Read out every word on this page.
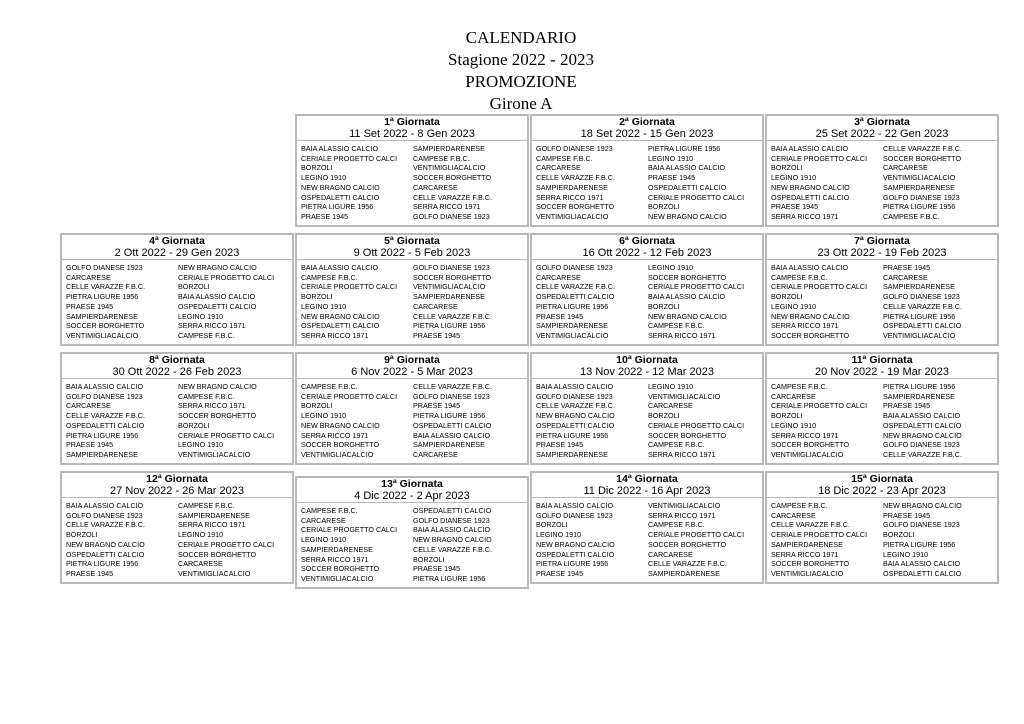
CALENDARIO
Stagione 2022 - 2023
PROMOZIONE
Girone A
1ª Giornata
11 Set 2022 - 8 Gen 2023
BAIA ALASSIO CALCIO	SAMPIERDARENESE
CERIALE PROGETTO CALCI	CAMPESE F.B.C.
BORZOLI	VENTIMIGLIACALCIO
LEGINO 1910	SOCCER BORGHETTO
NEW BRAGNO CALCIO	CARCARESE
OSPEDALETTI CALCIO	CELLE VARAZZE F.B.C.
PIETRA LIGURE 1956	SERRA RICCO 1971
PRAESE 1945	GOLFO DIANESE 1923
2ª Giornata
18 Set 2022 - 15 Gen 2023
GOLFO DIANESE 1923	PIETRA LIGURE 1956
CAMPESE F.B.C.	LEGINO 1910
CARCARESE	BAIA ALASSIO CALCIO
CELLE VARAZZE F.B.C.	PRAESE 1945
SAMPIERDARENESE	OSPEDALETTI CALCIO
SERRA RICCO 1971	CERIALE PROGETTO CALCI
SOCCER BORGHETTO	BORZOLI
VENTIMIGLIACALCIO	NEW BRAGNO CALCIO
3ª Giornata
25 Set 2022 - 22 Gen 2023
BAIA ALASSIO CALCIO	CELLE VARAZZE F.B.C.
CERIALE PROGETTO CALCI	SOCCER BORGHETTO
BORZOLI	CARCARESE
LEGINO 1910	VENTIMIGLIACALCIO
NEW BRAGNO CALCIO	SAMPIERDARENESE
OSPEDALETTI CALCIO	GOLFO DIANESE 1923
PRAESE 1945	PIETRA LIGURE 1956
SERRA RICCO 1971	CAMPESE F.B.C.
4ª Giornata
2 Ott 2022 - 29 Gen 2023
GOLFO DIANESE 1923	NEW BRAGNO CALCIO
CARCARESE	CERIALE PROGETTO CALCI
CELLE VARAZZE F.B.C.	BORZOLI
PIETRA LIGURE 1956	BAIA ALASSIO CALCIO
PRAESE 1945	OSPEDALETTI CALCIO
SAMPIERDARENESE	LEGINO 1910
SOCCER BORGHETTO	SERRA RICCO 1971
VENTIMIGLIACALCIO	CAMPESE F.B.C.
5ª Giornata
9 Ott 2022 - 5 Feb 2023
BAIA ALASSIO CALCIO	GOLFO DIANESE 1923
CAMPESE F.B.C.	SOCCER BORGHETTO
CERIALE PROGETTO CALCI	VENTIMIGLIACALCIO
BORZOLI	SAMPIERDARENESE
LEGINO 1910	CARCARESE
NEW BRAGNO CALCIO	CELLE VARAZZE F.B.C.
OSPEDALETTI CALCIO	PIETRA LIGURE 1956
SERRA RICCO 1971	PRAESE 1945
6ª Giornata
16 Ott 2022 - 12 Feb 2023
GOLFO DIANESE 1923	LEGINO 1910
CARCARESE	SOCCER BORGHETTO
CELLE VARAZZE F.B.C.	CERIALE PROGETTO CALCI
OSPEDALETTI CALCIO	BAIA ALASSIO CALCIO
PIETRA LIGURE 1956	BORZOLI
PRAESE 1945	NEW BRAGNO CALCIO
SAMPIERDARENESE	CAMPESE F.B.C.
VENTIMIGLIACALCIO	SERRA RICCO 1971
7ª Giornata
23 Ott 2022 - 19 Feb 2023
BAIA ALASSIO CALCIO	PRAESE 1945
CAMPESE F.B.C.	CARCARESE
CERIALE PROGETTO CALCI	SAMPIERDARENESE
BORZOLI	GOLFO DIANESE 1923
LEGINO 1910	CELLE VARAZZE F.B.C.
NEW BRAGNO CALCIO	PIETRA LIGURE 1956
SERRA RICCO 1971	OSPEDALETTI CALCIO
SOCCER BORGHETTO	VENTIMIGLIACALCIO
8ª Giornata
30 Ott 2022 - 26 Feb 2023
BAIA ALASSIO CALCIO	NEW BRAGNO CALCIO
GOLFO DIANESE 1923	CAMPESE F.B.C.
CARCARESE	SERRA RICCO 1971
CELLE VARAZZE F.B.C.	SOCCER BORGHETTO
OSPEDALETTI CALCIO	BORZOLI
PIETRA LIGURE 1956	CERIALE PROGETTO CALCI
PRAESE 1945	LEGINO 1910
SAMPIERDARENESE	VENTIMIGLIACALCIO
9ª Giornata
6 Nov 2022 - 5 Mar 2023
CAMPESE F.B.C.	CELLE VARAZZE F.B.C.
CERIALE PROGETTO CALCI	GOLFO DIANESE 1923
BORZOLI	PRAESE 1945
LEGINO 1910	PIETRA LIGURE 1956
NEW BRAGNO CALCIO	OSPEDALETTI CALCIO
SERRA RICCO 1971	BAIA ALASSIO CALCIO
SOCCER BORGHETTO	SAMPIERDARENESE
VENTIMIGLIACALCIO	CARCARESE
10ª Giornata
13 Nov 2022 - 12 Mar 2023
BAIA ALASSIO CALCIO	LEGINO 1910
GOLFO DIANESE 1923	VENTIMIGLIACALCIO
CELLE VARAZZE F.B.C.	CARCARESE
NEW BRAGNO CALCIO	BORZOLI
OSPEDALETTI CALCIO	CERIALE PROGETTO CALCI
PIETRA LIGURE 1956	SOCCER BORGHETTO
PRAESE 1945	CAMPESE F.B.C.
SAMPIERDARENESE	SERRA RICCO 1971
11ª Giornata
20 Nov 2022 - 19 Mar 2023
CAMPESE F.B.C.	PIETRA LIGURE 1956
CARCARESE	SAMPIERDARENESE
CERIALE PROGETTO CALCI	PRAESE 1945
BORZOLI	BAIA ALASSIO CALCIO
LEGINO 1910	OSPEDALETTI CALCIO
SERRA RICCO 1971	NEW BRAGNO CALCIO
SOCCER BORGHETTO	GOLFO DIANESE 1923
VENTIMIGLIACALCIO	CELLE VARAZZE F.B.C.
12ª Giornata
27 Nov 2022 - 26 Mar 2023
BAIA ALASSIO CALCIO	CAMPESE F.B.C.
GOLFO DIANESE 1923	SAMPIERDARENESE
CELLE VARAZZE F.B.C.	SERRA RICCO 1971
BORZOLI	LEGINO 1910
NEW BRAGNO CALCIO	CERIALE PROGETTO CALCI
OSPEDALETTI CALCIO	SOCCER BORGHETTO
PIETRA LIGURE 1956	CARCARESE
PRAESE 1945	VENTIMIGLIACALCIO
13ª Giornata
4 Dic 2022 - 2 Apr 2023
CAMPESE F.B.C.	OSPEDALETTI CALCIO
CARCARESE	GOLFO DIANESE 1923
CERIALE PROGETTO CALCI	BAIA ALASSIO CALCIO
LEGINO 1910	NEW BRAGNO CALCIO
SAMPIERDARENESE	CELLE VARAZZE F.B.C.
SERRA RICCO 1971	BORZOLI
SOCCER BORGHETTO	PRAESE 1945
VENTIMIGLIACALCIO	PIETRA LIGURE 1956
14ª Giornata
11 Dic 2022 - 16 Apr 2023
BAIA ALASSIO CALCIO	VENTIMIGLIACALCIO
GOLFO DIANESE 1923	SERRA RICCO 1971
BORZOLI	CAMPESE F.B.C.
LEGINO 1910	CERIALE PROGETTO CALCI
NEW BRAGNO CALCIO	SOCCER BORGHETTO
OSPEDALETTI CALCIO	CARCARESE
PIETRA LIGURE 1956	CELLE VARAZZE F.B.C.
PRAESE 1945	SAMPIERDARENESE
15ª Giornata
18 Dic 2022 - 23 Apr 2023
CAMPESE F.B.C.	NEW BRAGNO CALCIO
CARCARESE	PRAESE 1945
CELLE VARAZZE F.B.C.	GOLFO DIANESE 1923
CERIALE PROGETTO CALCI	BORZOLI
SAMPIERDARENESE	PIETRA LIGURE 1956
SERRA RICCO 1971	LEGINO 1910
SOCCER BORGHETTO	BAIA ALASSIO CALCIO
VENTIMIGLIACALCIO	OSPEDALETTI CALCIO
